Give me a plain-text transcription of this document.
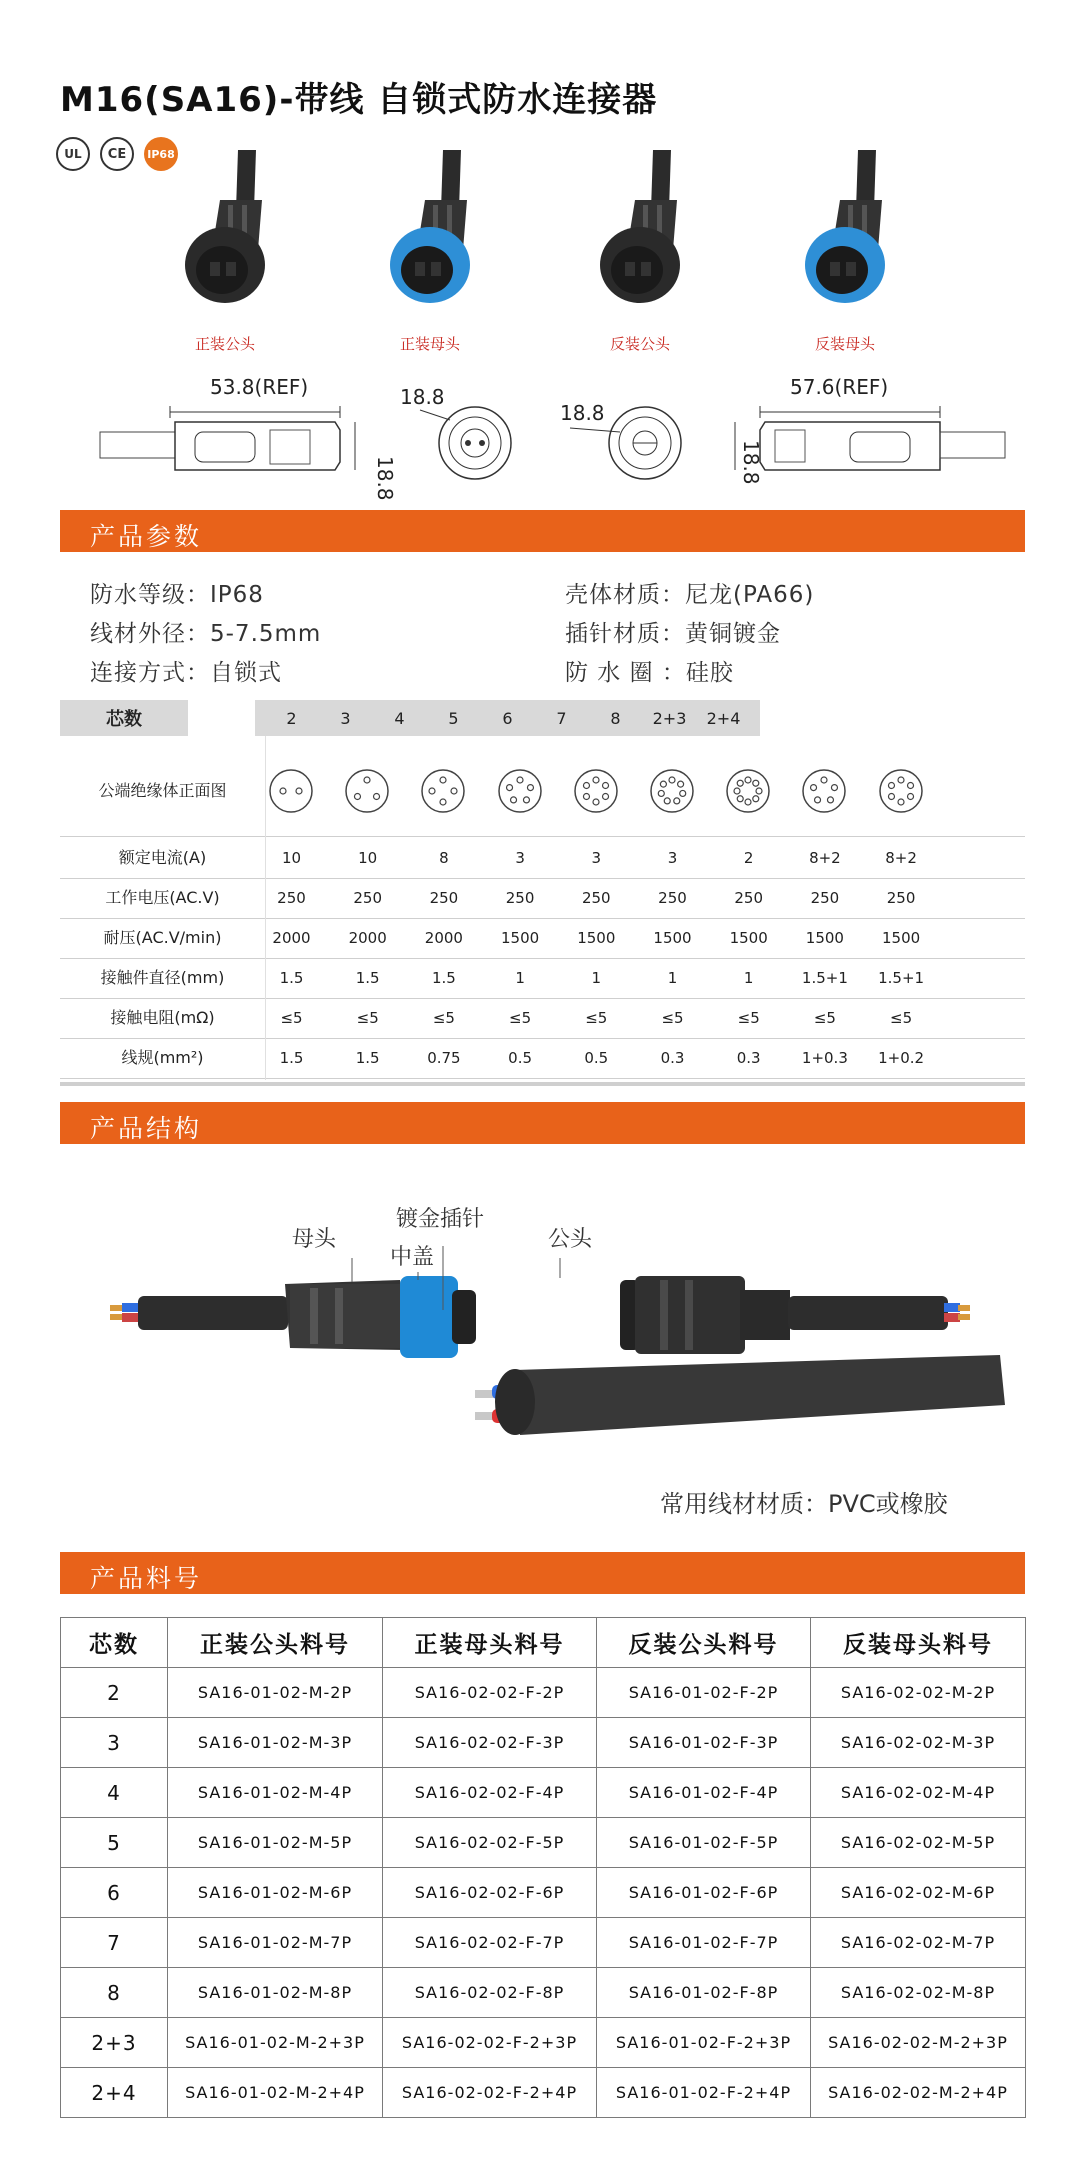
M16(SA16)-带线 自锁式防水连接器
UL	CE	IP68
正装公头	正装母头	反装公头	反装母头
53.8(REF)
18.8
18.8
18.8
57.6(REF)
18.8
产品参数
防水等级：IP68	壳体材质：尼龙(PA66)
线材外径：5-7.5mm	插针材质：黄铜镀金
连接方式：自锁式	防 水 圈 ：硅胶
芯数	2	3	4	5	6	7	8	2+3	2+4
公端绝缘体 正面图
额定电流(A)	10	10	8	3	3	3	2	8+2	8+2
工作电压(AC.V)	250	250	250	250	250	250	250	250	250
耐压(AC.V/min)	2000	2000	2000	1500	1500	1500	1500	1500	1500
接触件直径(mm)	1.5	1.5	1.5	1	1	1	1	1.5+1	1.5+1
接触电阻(mΩ)	≤5	≤5	≤5	≤5	≤5	≤5	≤5	≤5	≤5
线规(mm²)	1.5	1.5	0.75	0.5	0.5	0.3	0.3	1+0.3	1+0.2
产品结构
母头
中盖
镀金插针
公头
常用线材材质：PVC或橡胶
产品料号
芯数	正装公头料号	正装母头料号	反装公头料号	反装母头料号
2	SA16-01-02-M-2P	SA16-02-02-F-2P	SA16-01-02-F-2P	SA16-02-02-M-2P
3	SA16-01-02-M-3P	SA16-02-02-F-3P	SA16-01-02-F-3P	SA16-02-02-M-3P
4	SA16-01-02-M-4P	SA16-02-02-F-4P	SA16-01-02-F-4P	SA16-02-02-M-4P
5	SA16-01-02-M-5P	SA16-02-02-F-5P	SA16-01-02-F-5P	SA16-02-02-M-5P
6	SA16-01-02-M-6P	SA16-02-02-F-6P	SA16-01-02-F-6P	SA16-02-02-M-6P
7	SA16-01-02-M-7P	SA16-02-02-F-7P	SA16-01-02-F-7P	SA16-02-02-M-7P
8	SA16-01-02-M-8P	SA16-02-02-F-8P	SA16-01-02-F-8P	SA16-02-02-M-8P
2+3	SA16-01-02-M-2+3P	SA16-02-02-F-2+3P	SA16-01-02-F-2+3P	SA16-02-02-M-2+3P
2+4	SA16-01-02-M-2+4P	SA16-02-02-F-2+4P	SA16-01-02-F-2+4P	SA16-02-02-M-2+4P
